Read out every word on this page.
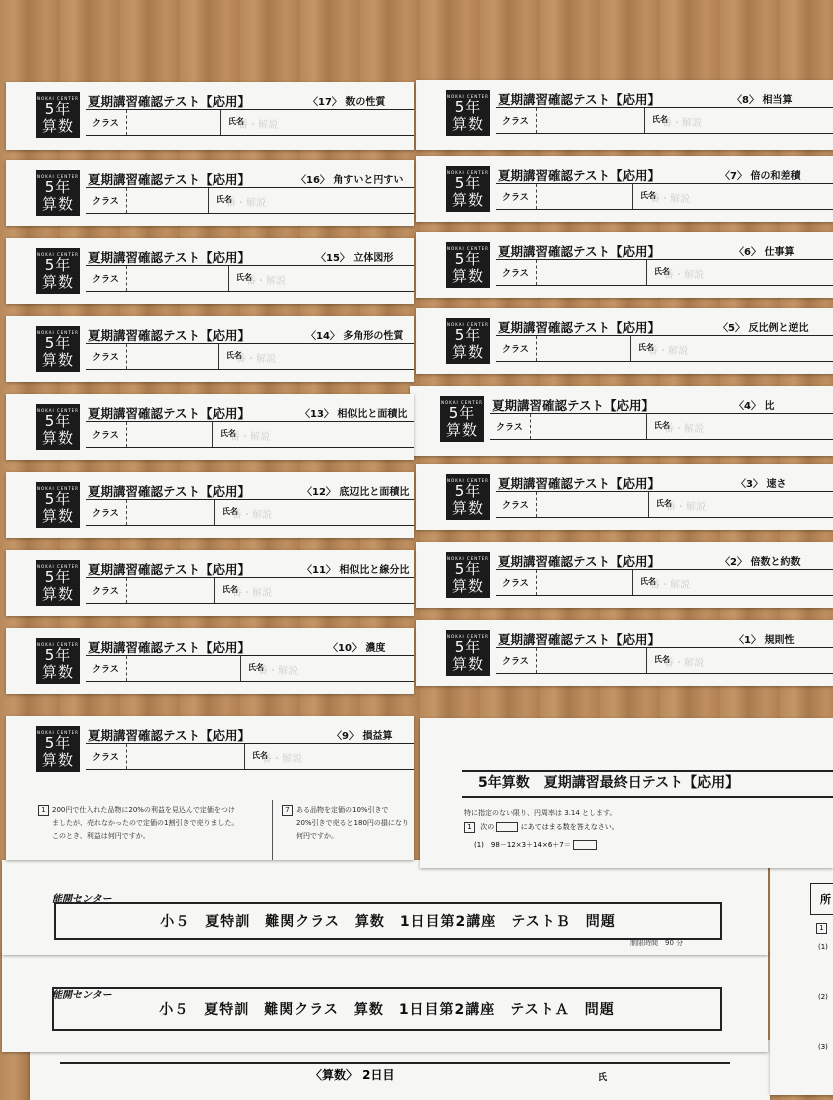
〈算数〉 2日目	氏
所
1
(1)
(2)
(3)
能開センター
小５　夏特訓　難関クラス　算数　1日目第2講座　テストＡ　問題
能開センター
小５　夏特訓　難関クラス　算数　1日目第2講座　テストＢ　問題
制限時間　90 分
5年算数　夏期講習最終日テスト【応用】
特に指定のない限り、円周率は 3.14 とします。
1 次の	にあてはまる数を答えなさい。
(1)　98－12×3＋14×6＋7＝
NOKAI CENTER
5年
算数
夏期講習確認テスト【応用】	〈8〉 相当算
クラス	番・解説
氏名
NOKAI CENTER
5年
算数
夏期講習確認テスト【応用】	〈7〉 倍の和差積
クラス	番・解説
氏名
NOKAI CENTER
5年
算数
夏期講習確認テスト【応用】	〈6〉 仕事算
クラス	番・解説
氏名
NOKAI CENTER
5年
算数
夏期講習確認テスト【応用】	〈5〉 反比例と逆比
クラス	番・解説
氏名
NOKAI CENTER
5年
算数
夏期講習確認テスト【応用】	〈4〉 比
クラス	番・解説
氏名
NOKAI CENTER
5年
算数
夏期講習確認テスト【応用】	〈3〉 速さ
クラス	番・解説
氏名
NOKAI CENTER
5年
算数
夏期講習確認テスト【応用】	〈2〉 倍数と約数
クラス	番・解説
氏名
NOKAI CENTER
5年
算数
夏期講習確認テスト【応用】	〈1〉 規則性
クラス	番・解説
氏名
NOKAI CENTER
5年
算数
夏期講習確認テスト【応用】	〈17〉 数の性質
クラス	番・解説
氏名
NOKAI CENTER
5年
算数
夏期講習確認テスト【応用】	〈16〉 角すいと円すい
クラス	番・解説
氏名
NOKAI CENTER
5年
算数
夏期講習確認テスト【応用】	〈15〉 立体図形
クラス	番・解説
氏名
NOKAI CENTER
5年
算数
夏期講習確認テスト【応用】	〈14〉 多角形の性質
クラス	番・解説
氏名
NOKAI CENTER
5年
算数
夏期講習確認テスト【応用】	〈13〉 相似比と面積比
クラス	番・解説
氏名
NOKAI CENTER
5年
算数
夏期講習確認テスト【応用】	〈12〉 底辺比と面積比
クラス	番・解説
氏名
NOKAI CENTER
5年
算数
夏期講習確認テスト【応用】	〈11〉 相似比と線分比
クラス	番・解説
氏名
NOKAI CENTER
5年
算数
夏期講習確認テスト【応用】	〈10〉 濃度
クラス	番・解説
氏名
NOKAI CENTER
5年
算数
夏期講習確認テスト【応用】	〈9〉 損益算
クラス	番・解説
氏名
1 200円で仕入れた品物に20%の利益を見込んで定価をつけ
ましたが、売れなかったので定価の1割引きで売りました。
このとき、利益は何円ですか。
7 ある品物を定価の10%引きで
20%引きで売ると180円の損になり
何円ですか。
